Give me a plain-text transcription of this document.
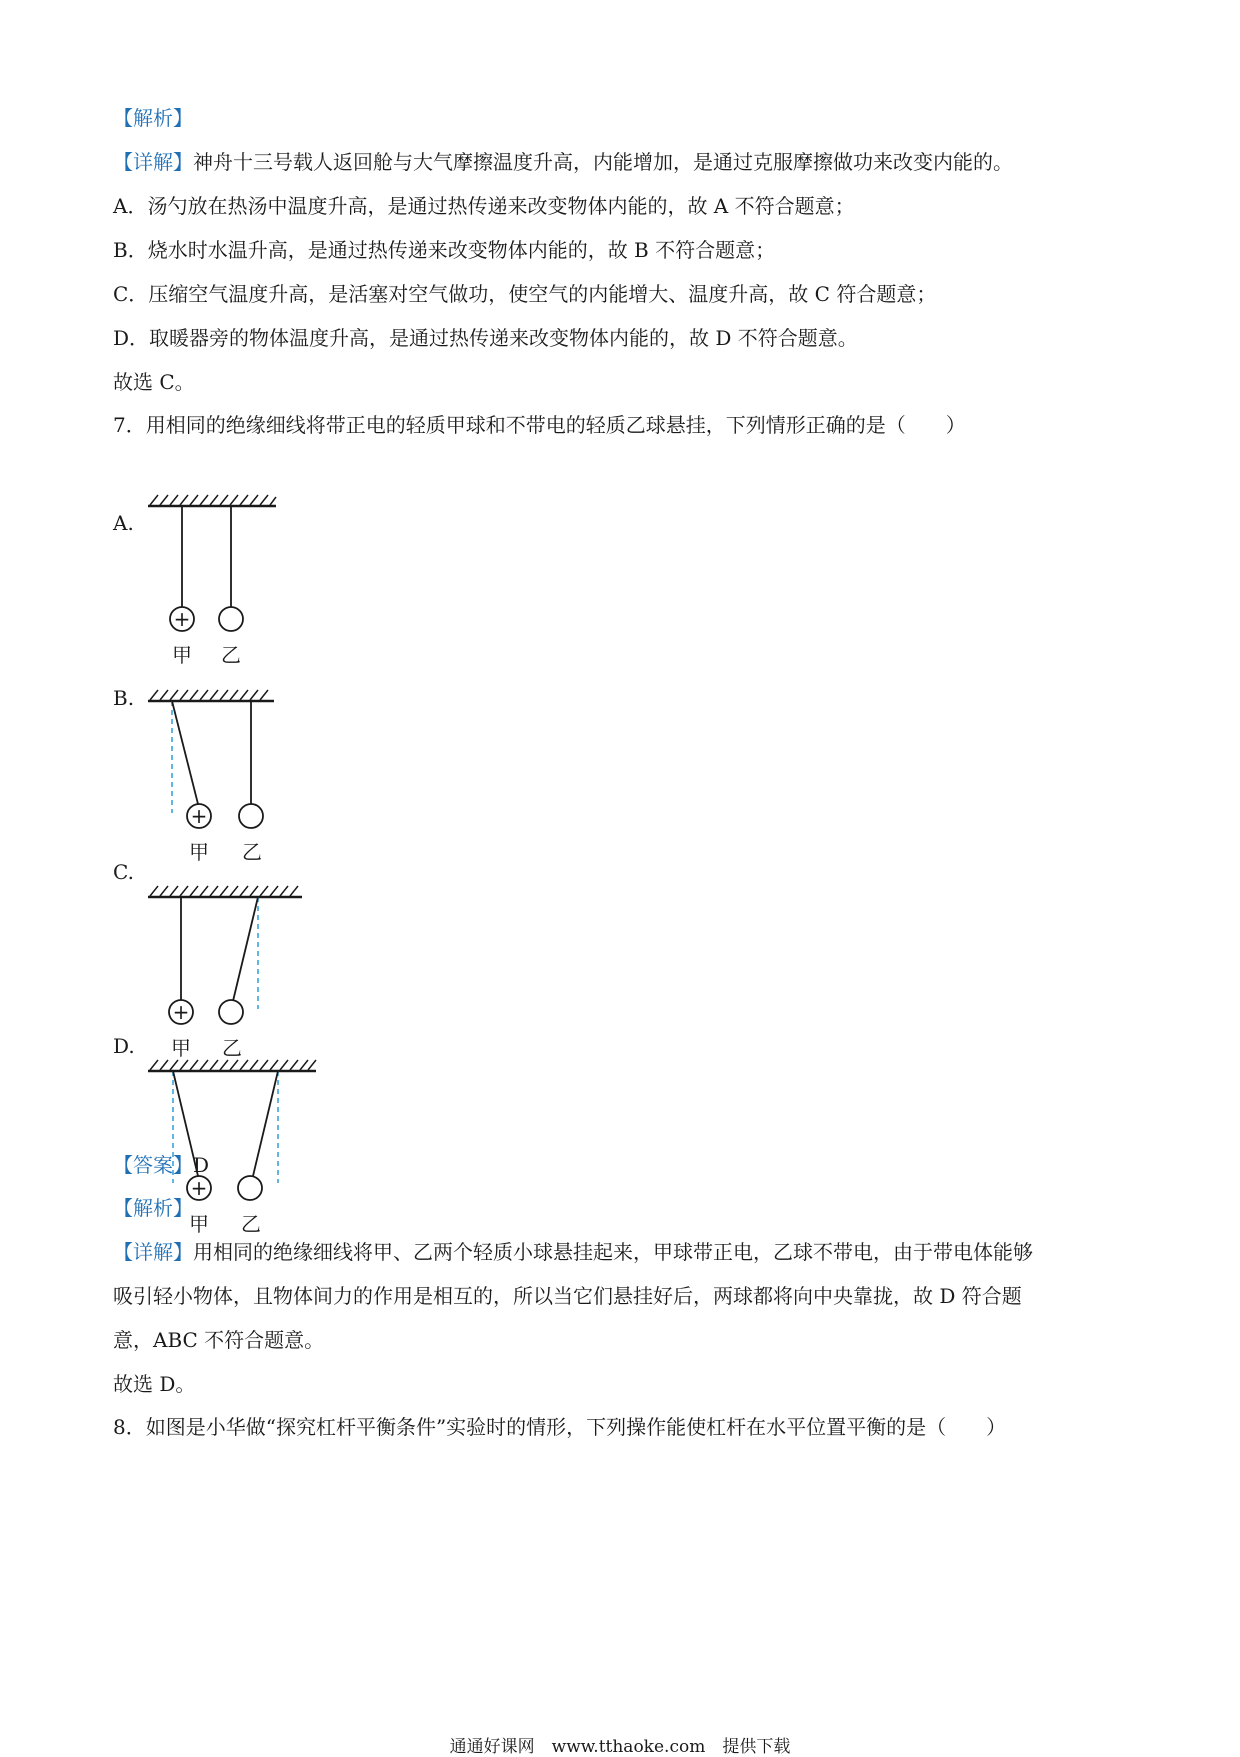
【解析】
【详解】神舟十三号载人返回舱与大气摩擦温度升高，内能增加，是通过克服摩擦做功来改变内能的。
A．汤勺放在热汤中温度升高，是通过热传递来改变物体内能的，故 A 不符合题意；
B．烧水时水温升高，是通过热传递来改变物体内能的，故 B 不符合题意；
C．压缩空气温度升高，是活塞对空气做功，使空气的内能增大、温度升高，故 C 符合题意；
D．取暖器旁的物体温度升高，是通过热传递来改变物体内能的，故 D 不符合题意。
故选 C。
7．用相同的绝缘细线将带正电的轻质甲球和不带电的轻质乙球悬挂，下列情形正确的是（　　）
A.
+
甲 乙
B.
+
甲 乙
C.
+
甲 乙
D.
+
甲 乙
【答案】D
【解析】
【详解】用相同的绝缘细线将甲、乙两个轻质小球悬挂起来，甲球带正电，乙球不带电，由于带电体能够
吸引轻小物体，且物体间力的作用是相互的，所以当它们悬挂好后，两球都将向中央靠拢，故 D 符合题
意，ABC 不符合题意。
故选 D。
8．如图是小华做“探究杠杆平衡条件”实验时的情形，下列操作能使杠杆在水平位置平衡的是（　　）
通通好课网　www.tthaoke.com　提供下载
